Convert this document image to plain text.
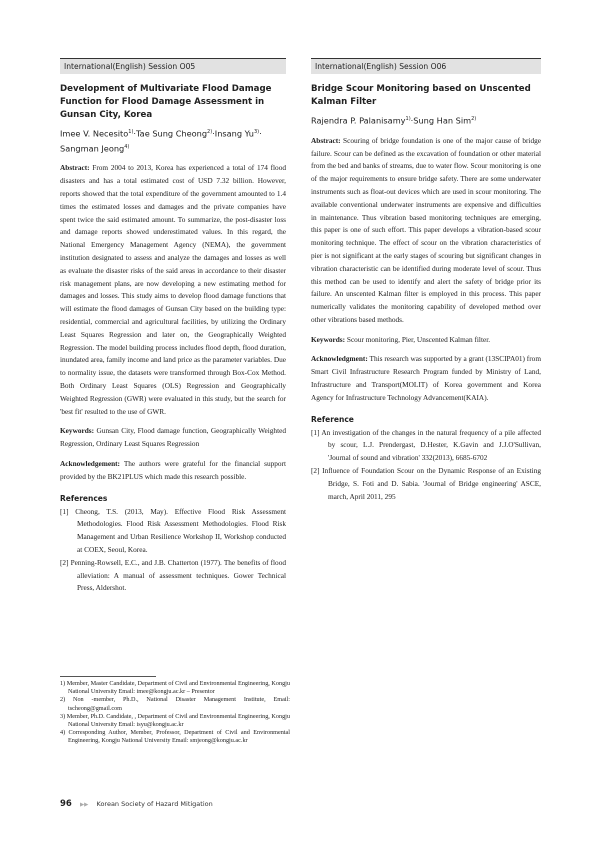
International(English) Session O05
Development of Multivariate Flood Damage Function for Flood Damage Assessment in Gunsan City, Korea
Imee V. Necesito$^{1)}$·Tae Sung Cheong$^{2)}$·Insang $Yu^{3)}\cdot$ Sangman Jeong$^{4)}$
Abstract: From 2004 to 2013, Korea has experienced a total of 174 flood disasters and has a total estimated cost of USD 7.32 billion. However, reports showed that the total expenditure of the government amounted to 1.4 times the estimated losses and damages and the private companies have spent twice the said estimated amount. To summarize, the post-disaster loss and damage reports showed underestimated values. In this regard, the National Emergency Management Agency (NEMA), the government institution designated to assess and analyze the damages and losses as well as evaluate the disaster risks of the said areas in accordance to their disaster risk management plans, are now developing a new estimating method for damages and losses. This study aims to develop flood damage functions that will estimate the flood damages of Gunsan City based on the building type: residential, commercial and agricultural facilities, by utilizing the Ordinary Least Squares Regression and later on, the Geographically Weighted Regression. The model building process includes flood depth, flood duration, inundated area, family income and land price as the parameter variables. Due to normality issue, the datasets were transformed through Box-Cox Method. Both Ordinary Least Squares (OLS) Regression and Geographically Weighted Regression (GWR) were evaluated in this study, but the search for 'best fit' resulted to the use of GWR.
Keywords: Gunsan City, Flood damage function, Geographically Weighted Regression, Ordinary Least Squares Regression
Acknowledgement: The authors were grateful for the financial support provided by the BK21PLUS which made this research possible.
References
[1] Cheong, T.S. (2013, May). Effective Flood Risk Assessment Methodologies. Flood Risk Assessment Methodologies. Flood Risk Management and Urban Resilience Workshop II, Workshop conducted at COEX, Seoul, Korea.
[2] Penning-Rowsell, E.C., and J.B. Chatterton (1977). The benefits of flood alleviation: A manual of assessment techniques. Gower Technical Press, Aldershot.
International(English) Session O06
Bridge Scour Monitoring based on Unscented Kalman Filter
Rajendra P. Palanisamy$^{1)}$·Sung Han Sim$^{2)}$
Abstract: Scouring of bridge foundation is one of the major cause of bridge failure. Scour can be defined as the excavation of foundation or other material from the bed and banks of streams, due to water flow. Scour monitoring is one of the major requirements to ensure bridge safety. There are some underwater instruments such as float-out devices which are used in scour monitoring. The available conventional underwater instruments are expensive and difficulties in maintenance. Thus vibration based monitoring techniques are emerging, this paper is one of such effort. This paper develops a vibration-based scour monitoring technique. The effect of scour on the vibration characteristics of pier is not significant at the early stages of scouring but significant changes in vibration characteristic can be identified during moderate level of scour. Thus this method can be used to identify and alert the safety of bridge prior its failure. An unscented Kalman filter is employed in this process. This paper numerically validates the monitoring capability of developed method over other vibrations based methods.
Keywords: Scour monitoring, Pier, Unscented Kalman filter.
Acknowledgment: This research was supported by a grant (13SCIPA01) from Smart Civil Infrastructure Research Program funded by Ministry of Land, Infrastructure and Transport(MOLIT) of Korea government and Korea Agency for Infrastructure Technology Advancement(KAIA).
Reference
[1] An investigation of the changes in the natural frequency of a pile affected by scour, L.J. Prendergast, D.Hester, K.Gavin and J.J.O'Sullivan, 'Journal of sound and vibration' 332(2013), 6685-6702
[2] Influence of Foundation Scour on the Dynamic Response of an Existing Bridge, S. Foti and D. Sabia. 'Journal of Bridge engineering' ASCE, march, April 2011, 295
1) Member, Master Candidate, Department of Civil and Environmental Engineering, Kongju National University Email: imee@kongju.ac.kr – Presentor
2) Non -member, Ph.D., National Disaster Management Institute, Email: tscheong@gmail.com
3) Member, Ph.D. Candidate, , Department of Civil and Environmental Engineering, Kongju National University Email: isyu@kongju.ac.kr
4) Corresponding Author, Member, Professor, Department of Civil and Environmental Engineering, Kongju National University Email: smjeong@kongju.ac.kr
96 ▶▶ Korean Society of Hazard Mitigation
